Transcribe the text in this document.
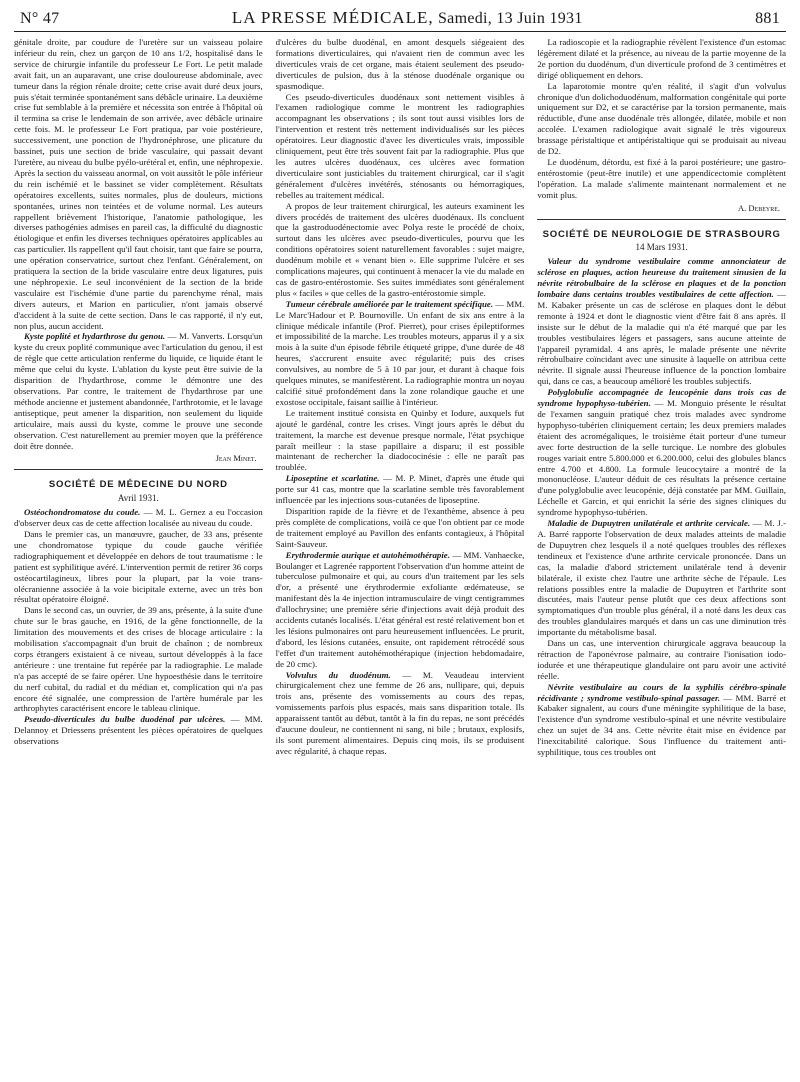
N° 47	LA PRESSE MÉDICALE, Samedi, 13 Juin 1931	881

génitale droite, par coudure de l'uretère sur un vaisseau polaire inférieur du rein, chez un garçon de 10 ans 1/2, hospitalisé dans le service de chirurgie infantile du professeur Le Fort. Le petit malade avait fait, un an auparavant, une crise douloureuse abdominale, avec tumeur dans la région rénale droite; cette crise avait duré deux jours, puis s'était terminée spontanément sans débâcle urinaire. La deuxième crise fut semblable à la première et nécessita son entrée à l'hôpital où il termina sa crise le lendemain de son arrivée, avec débâcle urinaire cette fois. M. le professeur Le Fort pratiqua, par voie postérieure, successivement, une ponction de l'hydronéphrose, une plicature du bassinet, puis une section de bride vasculaire, qui passait devant l'uretère, au niveau du bulbe pyélo-urétéral et, enfin, une néphropexie. Après la section du vaisseau anormal, on voit aussitôt le pôle inférieur du rein ischémié et le bassinet se vider complètement. Résultats opératoires excellents, suites normales, plus de douleurs, mictions spontanées, urines non teintées et de volume normal. Les auteurs rappellent brièvement l'historique, l'anatomie pathologique, les diverses pathogénies admises en pareil cas, la difficulté du diagnostic étiologique et enfin les diverses techniques opératoires applicables au cas particulier. Ils rappellent qu'il faut choisir, tant que faire se pourra, une opération conservatrice, surtout chez l'enfant. Généralement, on pratiquera la section de la bride vasculaire entre deux ligatures, puis une néphropexie. Le seul inconvénient de la section de la bride vasculaire est l'ischémie d'une partie du parenchyme rénal, mais divers auteurs, et Marion en particulier, n'ont jamais observé d'accident à la suite de cette section. Dans le cas rapporté, il n'y eut, non plus, aucun accident.

Kyste poplité et hydarthrose du genou. — M. Vanverts. Lorsqu'un kyste du creux poplité communique avec l'articulation du genou, il est de règle que cette articulation renferme du liquide, ce liquide étant le même que celui du kyste. L'ablation du kyste peut être suivie de la disparition de l'hydarthrose, comme le démontre une des observations. Par contre, le traitement de l'hydarthrose par une méthode ancienne et justement abandonnée, l'arthrotomie, et le lavage antiseptique, peut amener la disparition, non seulement du liquide articulaire, mais aussi du kyste, comme le prouve une seconde observation. C'est naturellement au premier moyen que la préférence doit être donnée.

Jean Minet.
SOCIÉTÉ DE MÉDECINE DU NORD
Avril 1931.

Ostéochondromatose du coude. — M. L. Gernez a eu l'occasion d'observer deux cas de cette affection localisée au niveau du coude.

Dans le premier cas, un manœuvre, gaucher, de 33 ans, présente une chondromatose typique du coude gauche vérifiée radiographiquement et développée en dehors de tout traumatisme : le patient est syphilitique avéré. L'intervention permit de retirer 36 corps ostéocartilagineux, libres pour la plupart, par la voie trans-olécranienne associée à la voie bicipitale externe, avec un très bon résultat opératoire éloigné.

Dans le second cas, un ouvrier, de 39 ans, présente, à la suite d'une chute sur le bras gauche, en 1916, de la gêne fonctionnelle, de la limitation des mouvements et des crises de blocage articulaire : la mobilisation s'accompagnait d'un bruit de chaînon ; de nombreux corps étrangers existaient à ce niveau, surtout développés à la face antérieure : une trentaine fut repérée par la radiographie. Le malade n'a pas accepté de se faire opérer. Une hypoesthésie dans le territoire du nerf cubital, du radial et du médian et, complication qui n'a pas encore été signalée, une compression de l'artère humérale par les arthrophytes caractérisent encore le tableau clinique.

Pseudo-diverticules du bulbe duodénal par ulcères. — MM. Delannoy et Driessens présentent les pièces opératoires de quelques observations

d'ulcères du bulbe duodénal, en amont desquels siégeaient des formations diverticulaires, qui n'avaient rien de commun avec les diverticules vrais de cet organe, mais étaient seulement des pseudo-diverticules de pulsion, dus à la sténose duodénale organique ou spasmodique.

Ces pseudo-diverticules duodénaux sont nettement visibles à l'examen radiologique comme le montrent les radiographies accompagnant les observations ; ils sont tout aussi visibles lors de l'intervention et restent très nettement individualisés sur les pièces opératoires. Leur diagnostic d'avec les diverticules vrais, impossible cliniquement, peut être très souvent fait par la radiographie. Plus que les autres ulcères duodénaux, ces ulcères avec formation diverticulaire sont justiciables du traitement chirurgical, car il s'agit généralement d'ulcères invétérés, sténosants ou hémorragiques, rebelles au traitement médical.

A propos de leur traitement chirurgical, les auteurs examinent les divers procédés de traitement des ulcères duodénaux. Ils concluent que la gastroduodénectomie avec Polya reste le procédé de choix, surtout dans les ulcères avec pseudo-diverticules, pourvu que les conditions opératoires soient naturellement favorables : sujet maigre, duodénum mobile et « venant bien ». Elle supprime l'ulcère et ses complications majeures, qui continuent à menacer la vie du malade en cas de gastro-entérostomie. Ses suites immédiates sont généralement plus « faciles » que celles de la gastro-entérostomie simple.

Tumeur cérébrale améliorée par le traitement spécifique. — MM. Le Marc'Hadour et P. Bournoville. Un enfant de six ans entre à la clinique médicale infantile (Prof. Pierret), pour crises épileptiformes et impossibilité de la marche. Les troubles moteurs, apparus il y a six mois à la suite d'un épisode fébrile étiqueté grippe, d'une durée de 48 heures, s'accrurent ensuite avec régularité; puis des crises convulsives, au nombre de 5 à 10 par jour, et durant à chaque fois quelques minutes, se manifestèrent. La radiographie montra un noyau calcifié situé profondément dans la zone rolandique gauche et une exostose occipitale, faisant saillie à l'intérieur.

Le traitement institué consista en Quinby et Iodure, auxquels fut ajouté le gardénal, contre les crises. Vingt jours après le début du traitement, la marche est devenue presque normale, l'état psychique paraît meilleur : la stase papillaire a disparu; il est possible maintenant de rechercher la diadococinésie : elle ne paraît pas troublée.

Liposeptine et scarlatine. — M. P. Minet, d'après une étude qui porte sur 41 cas, montre que la scarlatine semble très favorablement influencée par les injections sous-cutanées de liposeptine.

Disparition rapide de la fièvre et de l'exanthème, absence à peu près complète de complications, voilà ce que l'on obtient par ce mode de traitement employé au Pavillon des enfants contagieux, à l'hôpital Saint-Sauveur.

Erythrodermie aurique et autohémothérapie. — MM. Vanhaecke, Boulanger et Lagrenée rapportent l'observation d'un homme atteint de tuberculose pulmonaire et qui, au cours d'un traitement par les sels d'or, a présenté une érythrodermie exfoliante œdémateuse, se manifestant dès la 4e injection intramusculaire de vingt centigrammes d'allochrysine; une première série d'injections avait déjà produit des accidents cutanés localisés. L'état général est resté relativement bon et les lésions pulmonaires ont paru heureusement influencées. Le prurit, d'abord, les lésions cutanées, ensuite, ont rapidement rétrocédé sous l'effet d'un traitement autohémothérapique (injection hebdomadaire, de 20 cmc).

Volvulus du duodénum. — M. Veaudeau intervient chirurgicalement chez une femme de 26 ans, nullipare, qui, depuis trois ans, présente des vomissements au cours des repas, vomissements parfois plus espacés, mais sans disparition totale. Ils apparaissent tantôt au début, tantôt à la fin du repas, ne sont précédés d'aucune douleur, ne contiennent ni sang, ni bile ; brutaux, explosifs, ils sont purement alimentaires. Depuis cinq mois, ils se produisent avec régularité, à chaque repas.

La radioscopie et la radiographie révèlent l'existence d'un estomac légèrement dilaté et la présence, au niveau de la partie moyenne de la 2e portion du duodénum, d'un diverticule profond de 3 centimètres et dirigé obliquement en dehors.

La laparotomie montre qu'en réalité, il s'agit d'un volvulus chronique d'un dolichoduodénum, malformation congénitale qui porte uniquement sur D2, et se caractérise par la torsion permanente, mais réductible, d'une anse duodénale très allongée, dilatée, mobile et non accolée. L'examen radiologique avait signalé le très vigoureux brassage péristaltique et antipéristaltique qui se produisait au niveau de D2.

Le duodénum, détordu, est fixé à la paroi postérieure; une gastro-entérostomie (peut-être inutile) et une appendicectomie complètent l'opération. La malade s'alimente maintenant normalement et ne vomit plus.

A. Debeyre.
SOCIÉTÉ DE NEUROLOGIE DE STRASBOURG
14 Mars 1931.

Valeur du syndrome vestibulaire comme annonciateur de sclérose en plaques, action heureuse du traitement sinusien de la névrite rétrobulbaire de la sclérose en plaques et de la ponction lombaire dans certains troubles vestibulaires de cette affection. — M. Kabaker présente un cas de sclérose en plaques dont le début remonte à 1924 et dont le diagnostic vient d'être fait 8 ans après. Il insiste sur le début de la maladie qui n'a été marqué que par les troubles vestibulaires légers et passagers, sans aucune atteinte de l'appareil pyramidal. 4 ans après, le malade présente une névrite rétrobulbaire coïncidant avec une sinusite à laquelle on attribua cette névrite. Il signale aussi l'heureuse influence de la ponction lombaire qui, dans ce cas, a beaucoup amélioré les troubles subjectifs.

Polyglobulie accompagnée de leucopénie dans trois cas de syndrome hypophyso-tubérien. — M. Monguio présente le résultat de l'examen sanguin pratiqué chez trois malades avec syndrome hypophyso-tubérien cliniquement certain; les deux premiers malades étaient des acromégaliques, le troisième était porteur d'une tumeur avec forte destruction de la selle turcique. Le nombre des globules rouges variait entre 5.800.000 et 6.200.000, celui des globules blancs entre 4.700 et 4.800. La formule leucocytaire a montré de la mononucléose. L'auteur déduit de ces résultats la présence certaine d'une polyglobulie avec leucopénie, déjà constatée par MM. Guillain, Léchelle et Garcin, et qui enrichit la série des signes cliniques du syndrome hypophyso-tubérien.

Maladie de Dupuytren unilatérale et arthrite cervicale. — M. J.-A. Barré rapporte l'observation de deux malades atteints de maladie de Dupuytren chez lesquels il a noté quelques troubles des réflexes tendineux et l'existence d'une arthrite cervicale prononcée. Dans un cas, la maladie d'abord strictement unilatérale tend à devenir bilatérale, il existe chez l'autre une arthrite sèche de l'épaule. Les relations possibles entre la maladie de Dupuytren et l'arthrite sont discutées, mais l'auteur pense plutôt que ces deux affections sont symptomatiques d'un trouble plus général, il a noté dans les deux cas des troubles glandulaires marqués et dans un cas une diminution très importante du métabolisme basal.

Dans un cas, une intervention chirurgicale aggrava beaucoup la rétraction de l'aponévrose palmaire, au contraire l'ionisation iodo-iodurée et une thérapeutique glandulaire ont paru avoir une activité réelle.

Névrite vestibulaire au cours de la syphilis cérébro-spinale récidivante ; syndrome vestibulo-spinal passager. — MM. Barré et Kabaker signalent, au cours d'une méningite syphilitique de la base, l'existence d'un syndrome vestibulo-spinal et une névrite vestibulaire chez un sujet de 34 ans. Cette névrite était mise en évidence par l'inexcitabilité calorique. Sous l'influence du traitement anti-syphilitique, tous ces troubles ont
